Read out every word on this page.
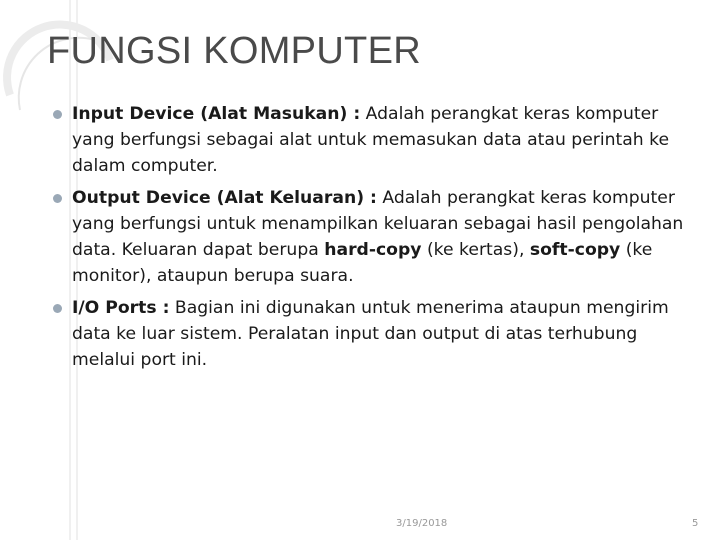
FUNGSI KOMPUTER

Input Device (Alat Masukan) : Adalah perangkat keras komputer yang berfungsi sebagai alat untuk memasukan data atau perintah ke dalam computer.

Output Device (Alat Keluaran) : Adalah perangkat keras komputer yang berfungsi untuk menampilkan keluaran sebagai hasil pengolahan data. Keluaran dapat berupa hard-copy (ke kertas), soft-copy (ke monitor), ataupun berupa suara.

I/O Ports : Bagian ini digunakan untuk menerima ataupun mengirim data ke luar sistem. Peralatan input dan output di atas terhubung melalui port ini.

3/19/2018	5
